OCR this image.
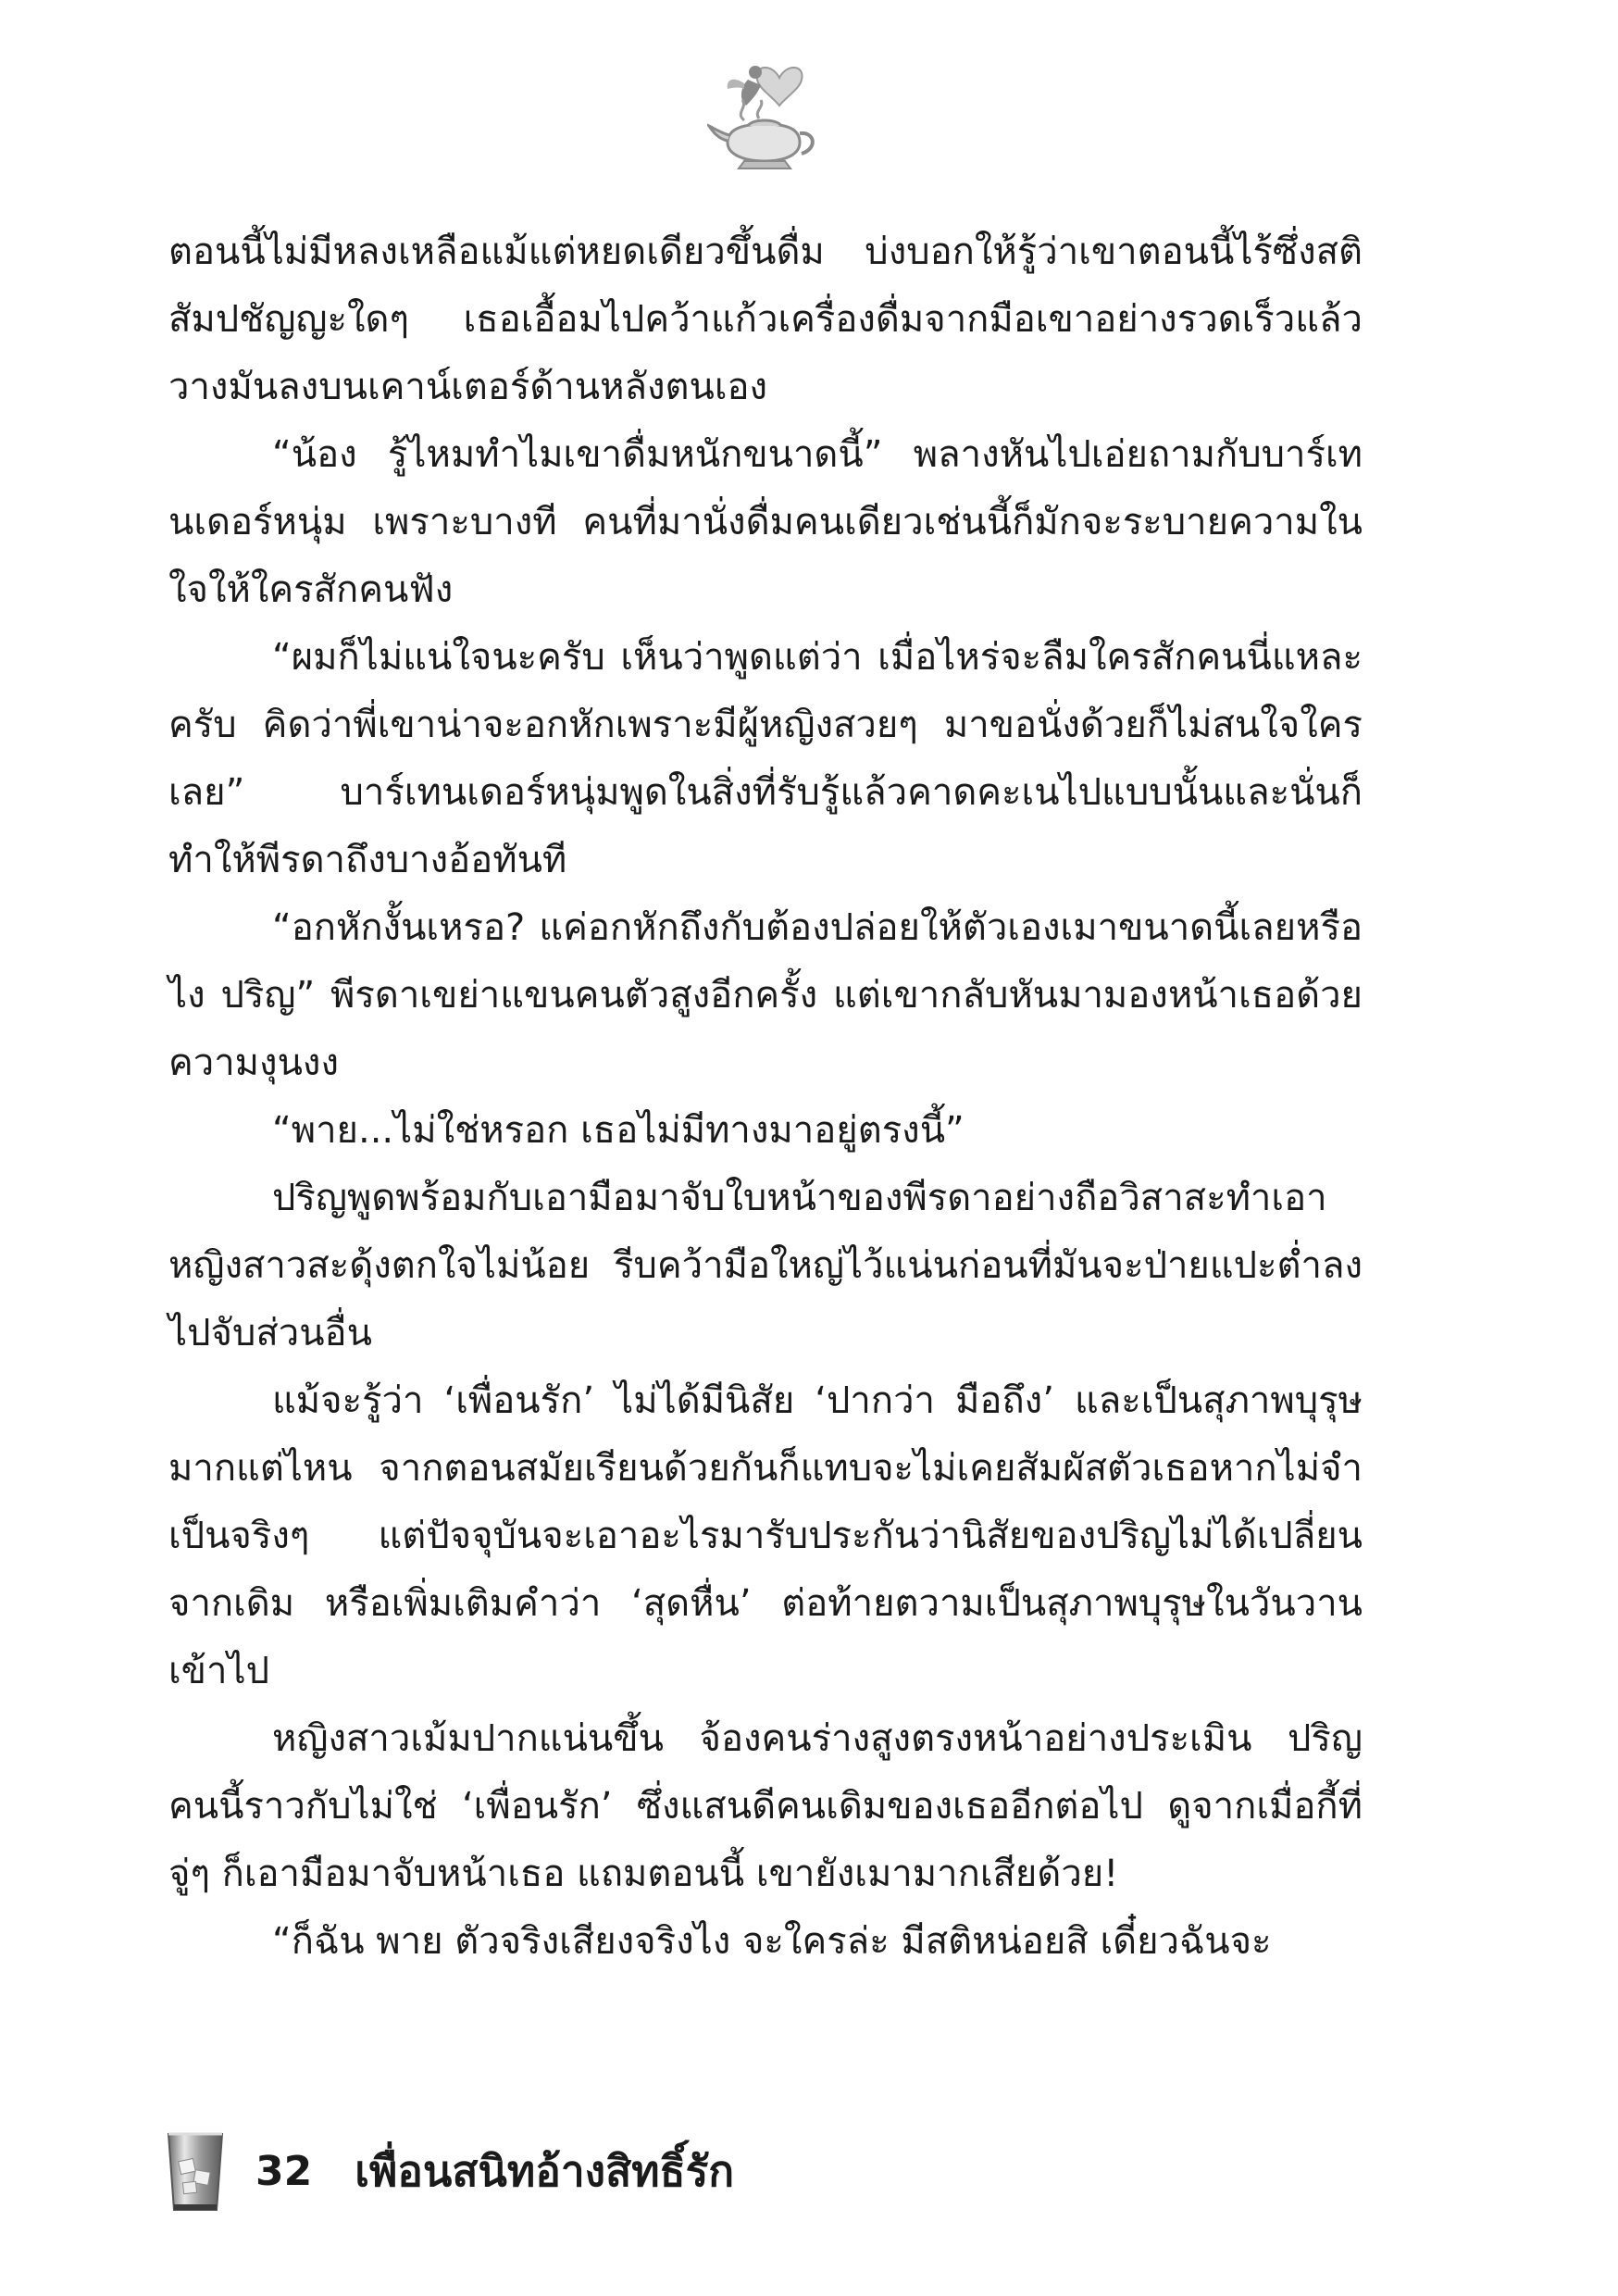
ตอนนี้ไม่มีหลงเหลือแม้แต่หยดเดียวขึ้นดื่ม บ่งบอกให้รู้ว่าเขาตอนนี้ไร้ซึ่งสติสัมปชัญญะใดๆ เธอเอื้อมไปคว้าแก้วเครื่องดื่มจากมือเขาอย่างรวดเร็วแล้ววางมันลงบนเคาน์เตอร์ด้านหลังตนเอง

“น้อง รู้ไหมทำไมเขาดื่มหนักขนาดนี้” พลางหันไปเอ่ยถามกับบาร์เทนเดอร์หนุ่ม เพราะบางที คนที่มานั่งดื่มคนเดียวเช่นนี้ก็มักจะระบายความในใจให้ใครสักคนฟัง

“ผมก็ไม่แน่ใจนะครับ เห็นว่าพูดแต่ว่า เมื่อไหร่จะลืมใครสักคนนี่แหละครับ คิดว่าพี่เขาน่าจะอกหักเพราะมีผู้หญิงสวยๆ มาขอนั่งด้วยก็ไม่สนใจใครเลย” บาร์เทนเดอร์หนุ่มพูดในสิ่งที่รับรู้แล้วคาดคะเนไปแบบนั้นและนั่นก็ทำให้พีรดาถึงบางอ้อทันที

“อกหักงั้นเหรอ? แค่อกหักถึงกับต้องปล่อยให้ตัวเองเมาขนาดนี้เลยหรือไง ปริญ” พีรดาเขย่าแขนคนตัวสูงอีกครั้ง แต่เขากลับหันมามองหน้าเธอด้วยความงุนงง

“พาย...ไม่ใช่หรอก เธอไม่มีทางมาอยู่ตรงนี้”

ปริญพูดพร้อมกับเอามือมาจับใบหน้าของพีรดาอย่างถือวิสาสะทำเอาหญิงสาวสะดุ้งตกใจไม่น้อย รีบคว้ามือใหญ่ไว้แน่นก่อนที่มันจะป่ายแปะต่ำลงไปจับส่วนอื่น

แม้จะรู้ว่า ‘เพื่อนรัก’ ไม่ได้มีนิสัย ‘ปากว่า มือถึง’ และเป็นสุภาพบุรุษมากแต่ไหน จากตอนสมัยเรียนด้วยกันก็แทบจะไม่เคยสัมผัสตัวเธอหากไม่จำเป็นจริงๆ แต่ปัจจุบันจะเอาอะไรมารับประกันว่านิสัยของปริญไม่ได้เปลี่ยนจากเดิม หรือเพิ่มเติมคำว่า ‘สุดหื่น’ ต่อท้ายตวามเป็นสุภาพบุรุษในวันวานเข้าไป

หญิงสาวเม้มปากแน่นขึ้น จ้องคนร่างสูงตรงหน้าอย่างประเมิน ปริญคนนี้ราวกับไม่ใช่ ‘เพื่อนรัก’ ซึ่งแสนดีคนเดิมของเธออีกต่อไป ดูจากเมื่อกี้ที่จู่ๆ ก็เอามือมาจับหน้าเธอ แถมตอนนี้ เขายังเมามากเสียด้วย!

“ก็ฉัน พาย ตัวจริงเสียงจริงไง จะใครล่ะ มีสติหน่อยสิ เดี๋ยวฉันจะ

32 เพื่อนสนิทอ้างสิทธิ์รัก
